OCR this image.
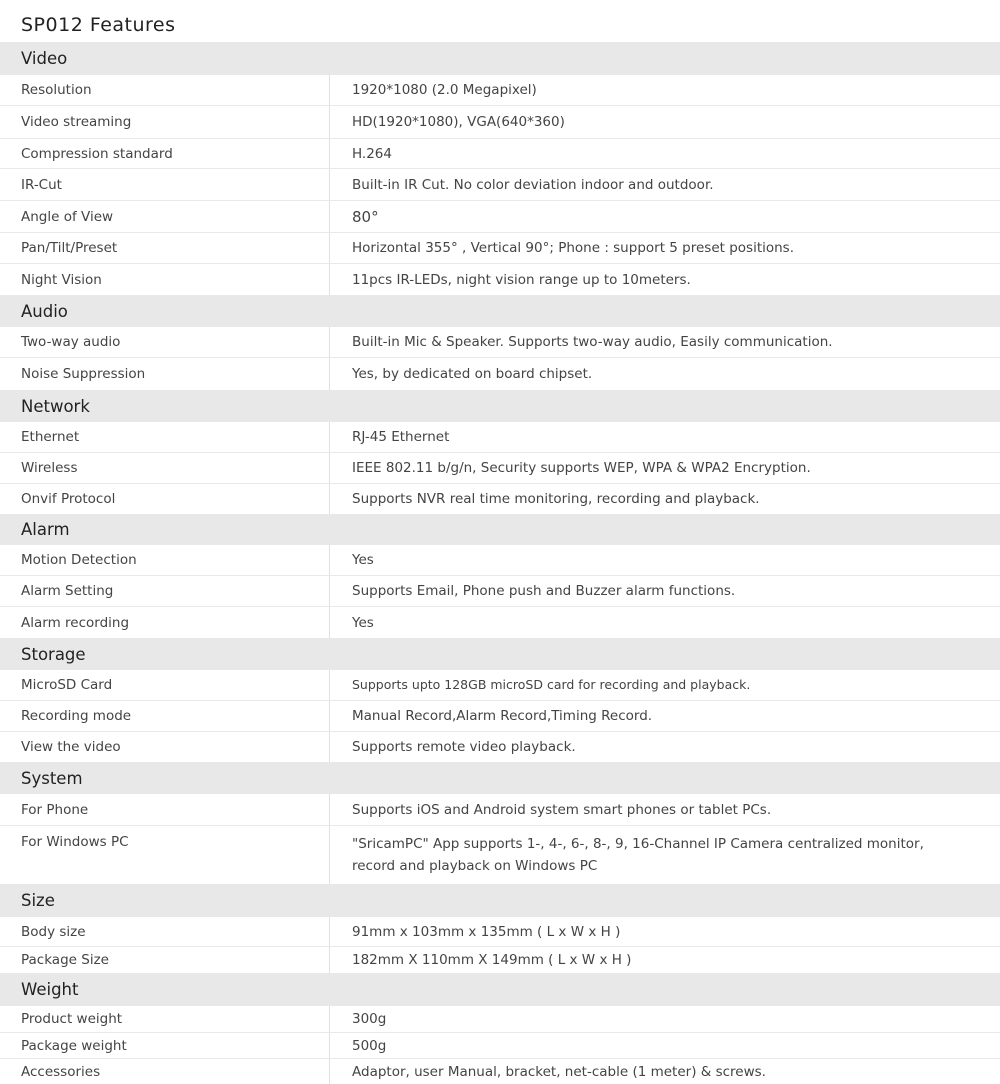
SP012 Features
Video
Resolution	1920*1080 (2.0 Megapixel)
Video streaming	HD(1920*1080), VGA(640*360)
Compression standard	H.264
IR-Cut	Built-in IR Cut. No color deviation indoor and outdoor.
Angle of View	80°
Pan/Tilt/Preset	Horizontal 355° , Vertical 90°; Phone : support 5 preset positions.
Night Vision	11pcs IR-LEDs, night vision range up to 10meters.
Audio
Two-way audio	Built-in Mic & Speaker. Supports two-way audio, Easily communication.
Noise Suppression	Yes, by dedicated on board chipset.
Network
Ethernet	RJ-45 Ethernet
Wireless	IEEE 802.11 b/g/n, Security supports WEP, WPA & WPA2 Encryption.
Onvif Protocol	Supports NVR real time monitoring, recording and playback.
Alarm
Motion Detection	Yes
Alarm Setting	Supports Email, Phone push and Buzzer alarm functions.
Alarm recording	Yes
Storage
MicroSD Card	Supports upto 128GB microSD card for recording and playback.
Recording mode	Manual Record,Alarm Record,Timing Record.
View the video	Supports remote video playback.
System
For Phone	Supports iOS and Android system smart phones or tablet PCs.
For Windows PC	"SricamPC" App supports 1-, 4-, 6-, 8-, 9, 16-Channel IP Camera centralized monitor, record and playback on Windows PC
Size
Body size	91mm x 103mm x 135mm ( L x W x H )
Package Size	182mm X 110mm X 149mm ( L x W x H )
Weight
Product weight	300g
Package weight	500g
Accessories	Adaptor, user Manual, bracket, net-cable (1 meter) & screws.
